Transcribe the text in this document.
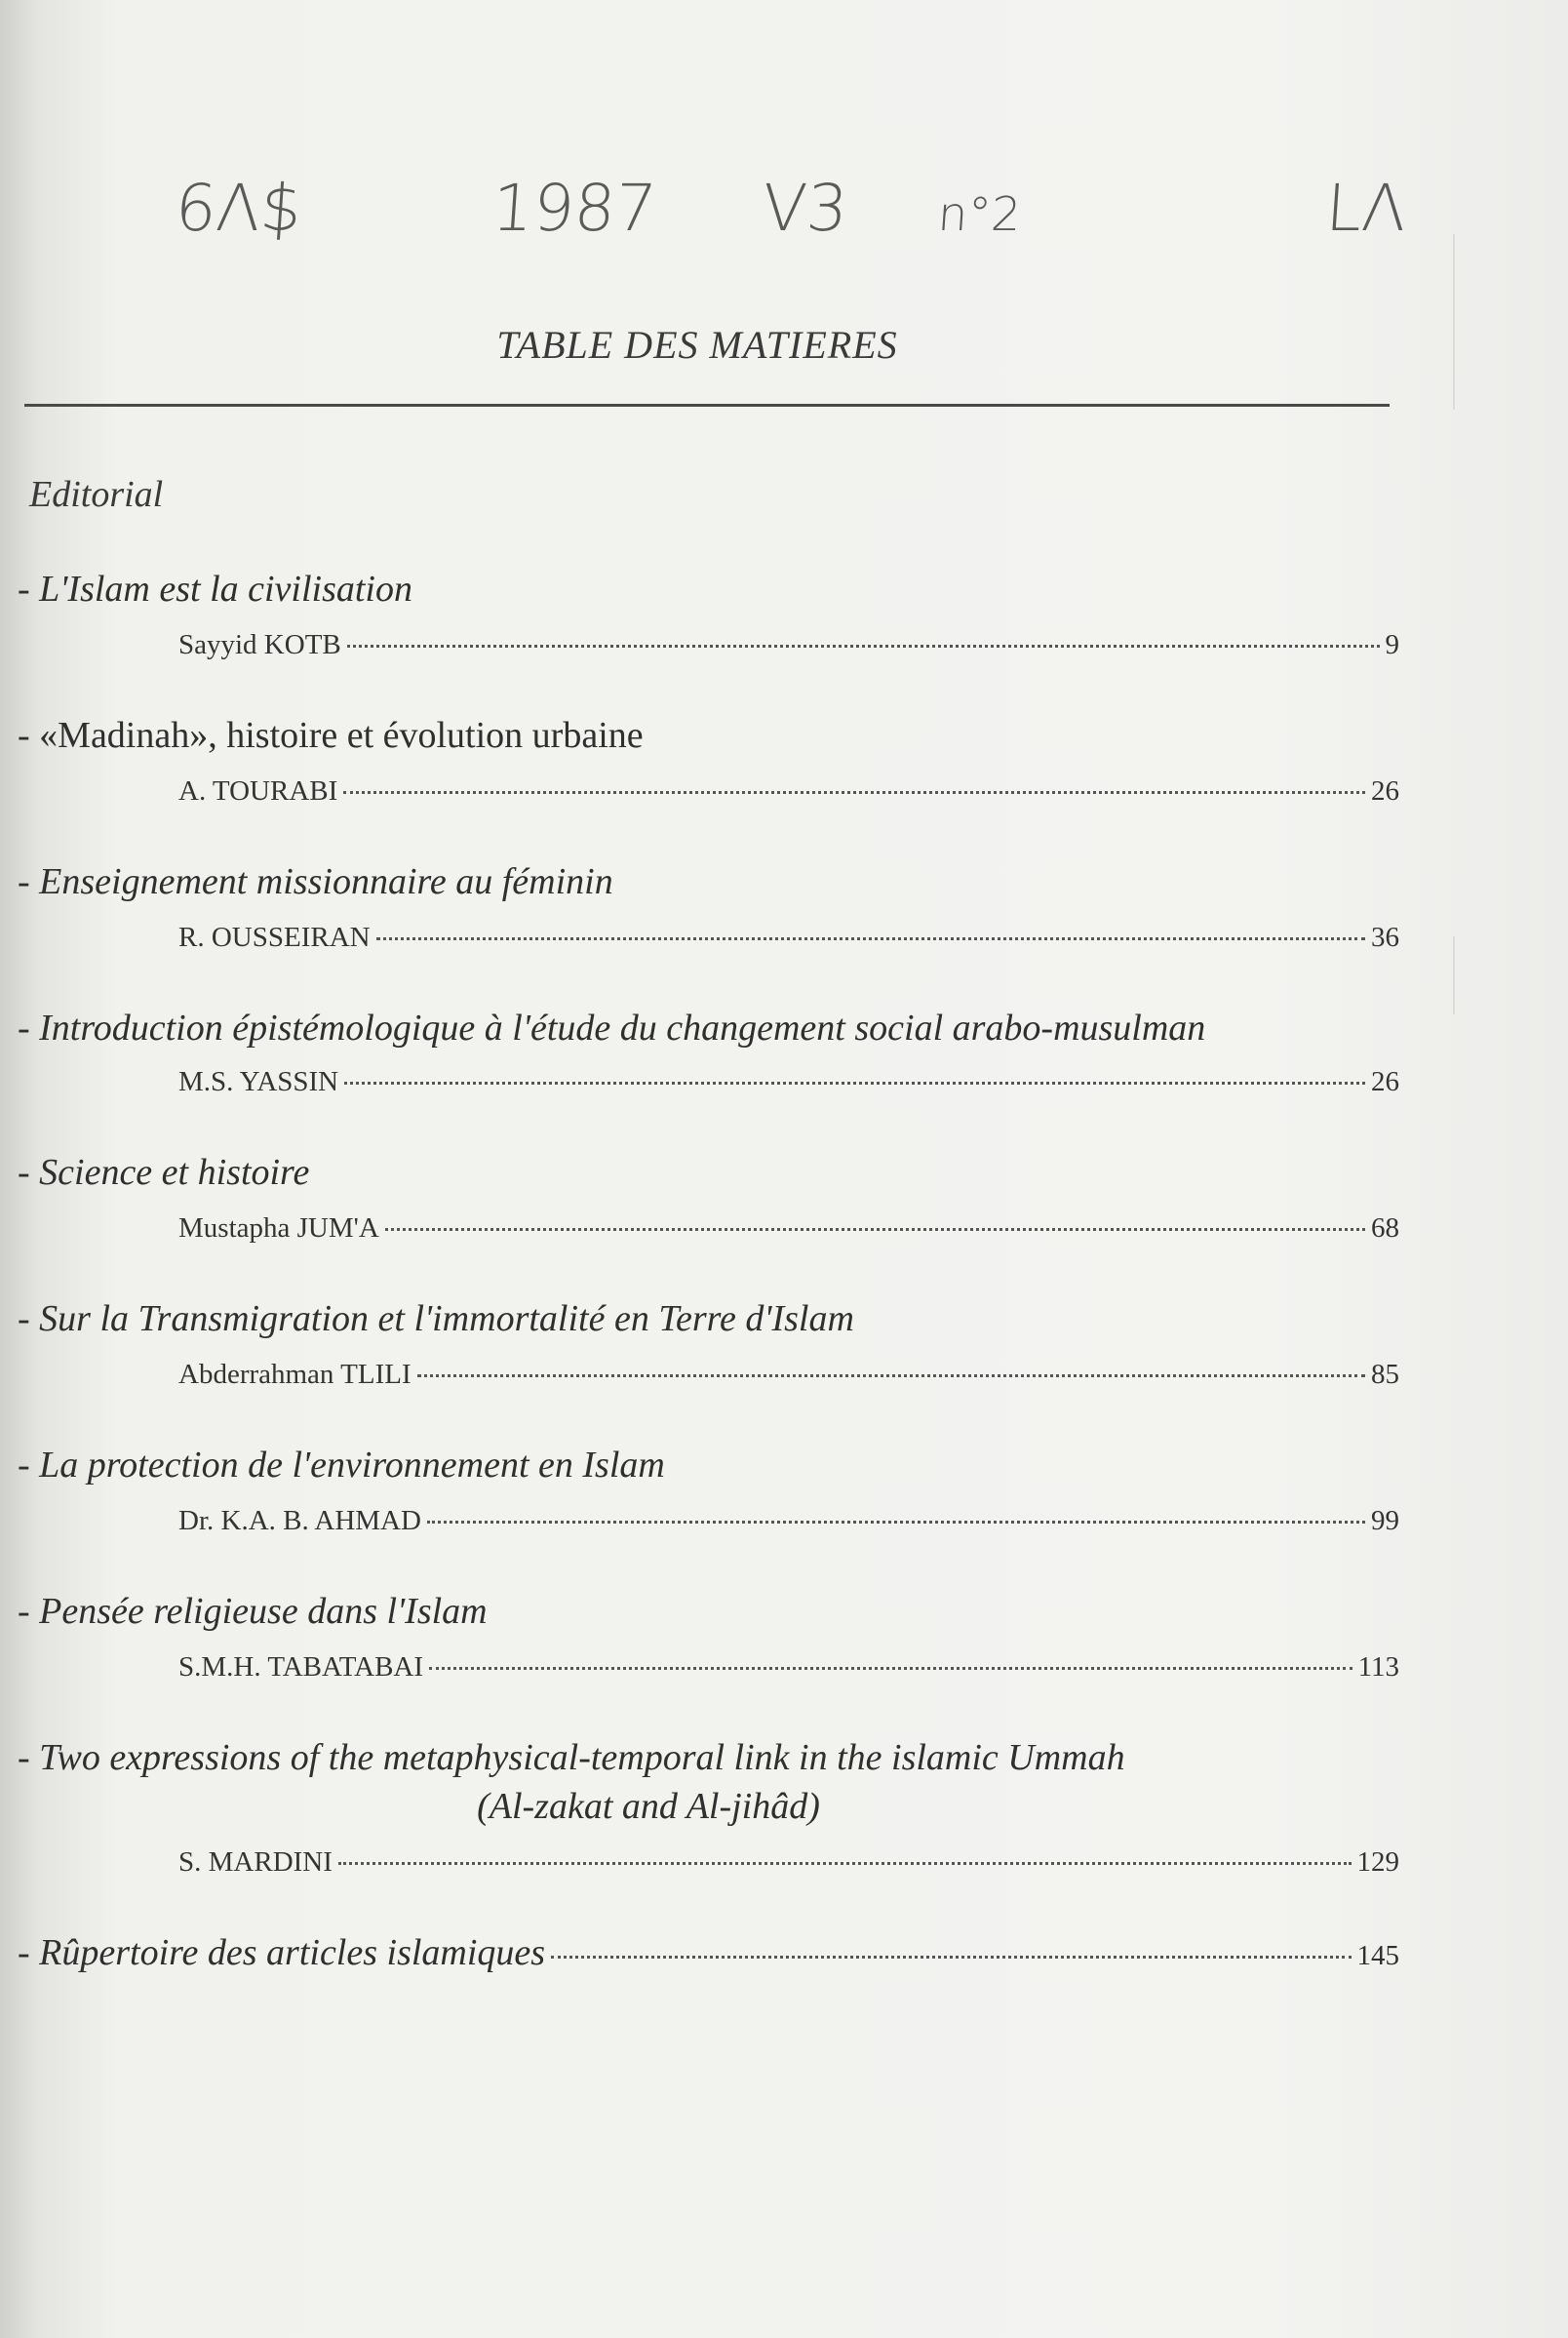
6Λ$	1987 V3 n°2	LΛ
TABLE DES MATIERES
Editorial
- L'Islam est la civilisation
Sayyid KOTB	9
- «Madinah», histoire et évolution urbaine
A. TOURABI	26
- Enseignement missionnaire au féminin
R. OUSSEIRAN	36
- Introduction épistémologique à l'étude du changement social arabo-musulman
M.S. YASSIN	26
- Science et histoire
Mustapha JUM'A	68
- Sur la Transmigration et l'immortalité en Terre d'Islam
Abderrahman TLILI	85
- La protection de l'environnement en Islam
Dr. K.A. B. AHMAD	99
- Pensée religieuse dans l'Islam
S.M.H. TABATABAI	113
- Two expressions of the metaphysical-temporal link in the islamic Ummah
(Al-zakat and Al-jihâd)
S. MARDINI	129
- Rûpertoire des articles islamiques	145
